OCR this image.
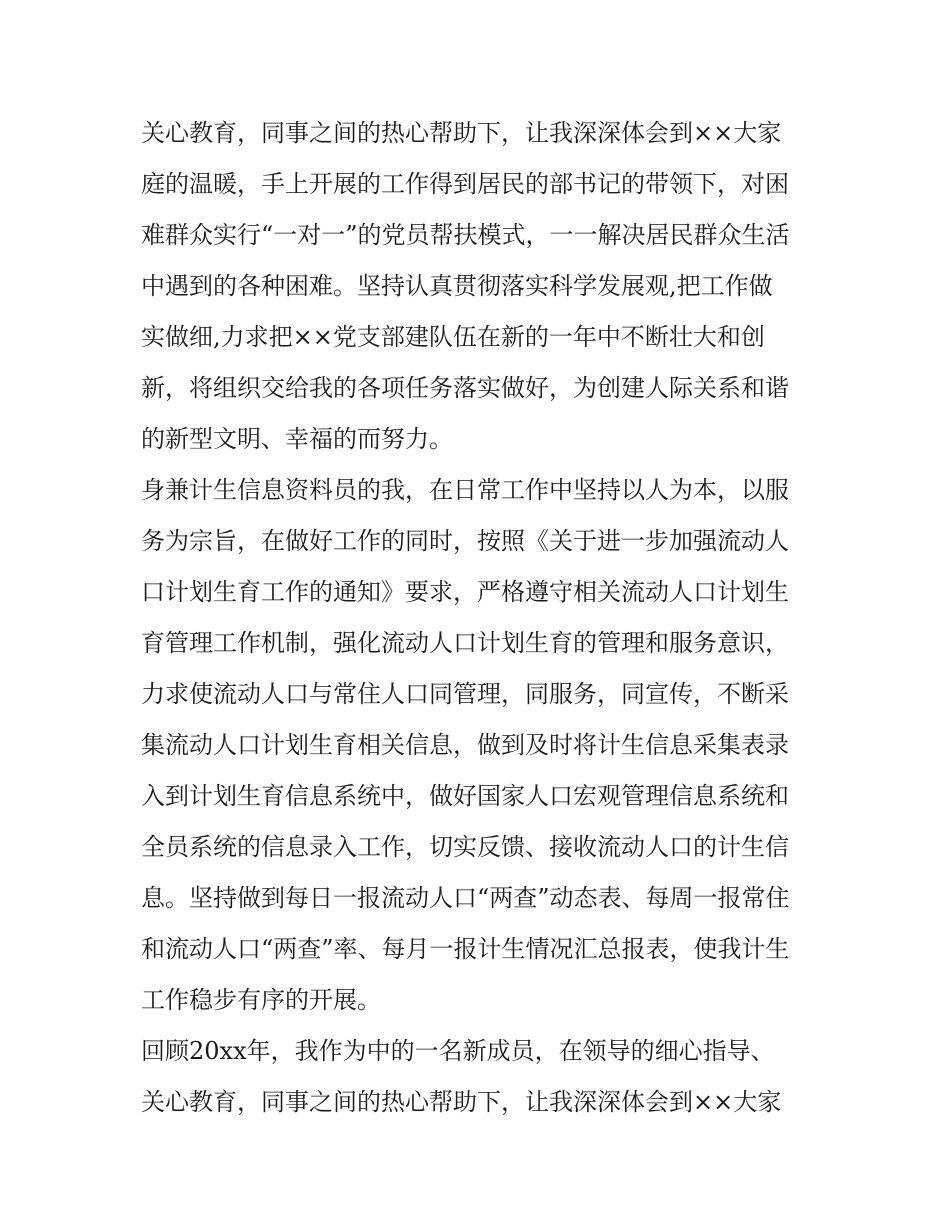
关心教育，同事之间的热心帮助下，让我深深体会到××大家
庭的温暖，手上开展的工作得到居民的部书记的带领下，对困
难群众实行“一对一”的党员帮扶模式，一一解决居民群众生活
中遇到的各种困难。坚持认真贯彻落实科学发展观,把工作做
实做细,力求把××党支部建队伍在新的一年中不断壮大和创
新，将组织交给我的各项任务落实做好，为创建人际关系和谐
的新型文明、幸福的而努力。
身兼计生信息资料员的我，在日常工作中坚持以人为本，以服
务为宗旨，在做好工作的同时，按照《关于进一步加强流动人
口计划生育工作的通知》要求，严格遵守相关流动人口计划生
育管理工作机制，强化流动人口计划生育的管理和服务意识，
力求使流动人口与常住人口同管理，同服务，同宣传，不断采
集流动人口计划生育相关信息，做到及时将计生信息采集表录
入到计划生育信息系统中，做好国家人口宏观管理信息系统和
全员系统的信息录入工作，切实反馈、接收流动人口的计生信
息。坚持做到每日一报流动人口“两查”动态表、每周一报常住
和流动人口“两查”率、每月一报计生情况汇总报表，使我计生
工作稳步有序的开展。
回顾20xx年，我作为中的一名新成员，在领导的细心指导、
关心教育，同事之间的热心帮助下，让我深深体会到××大家
